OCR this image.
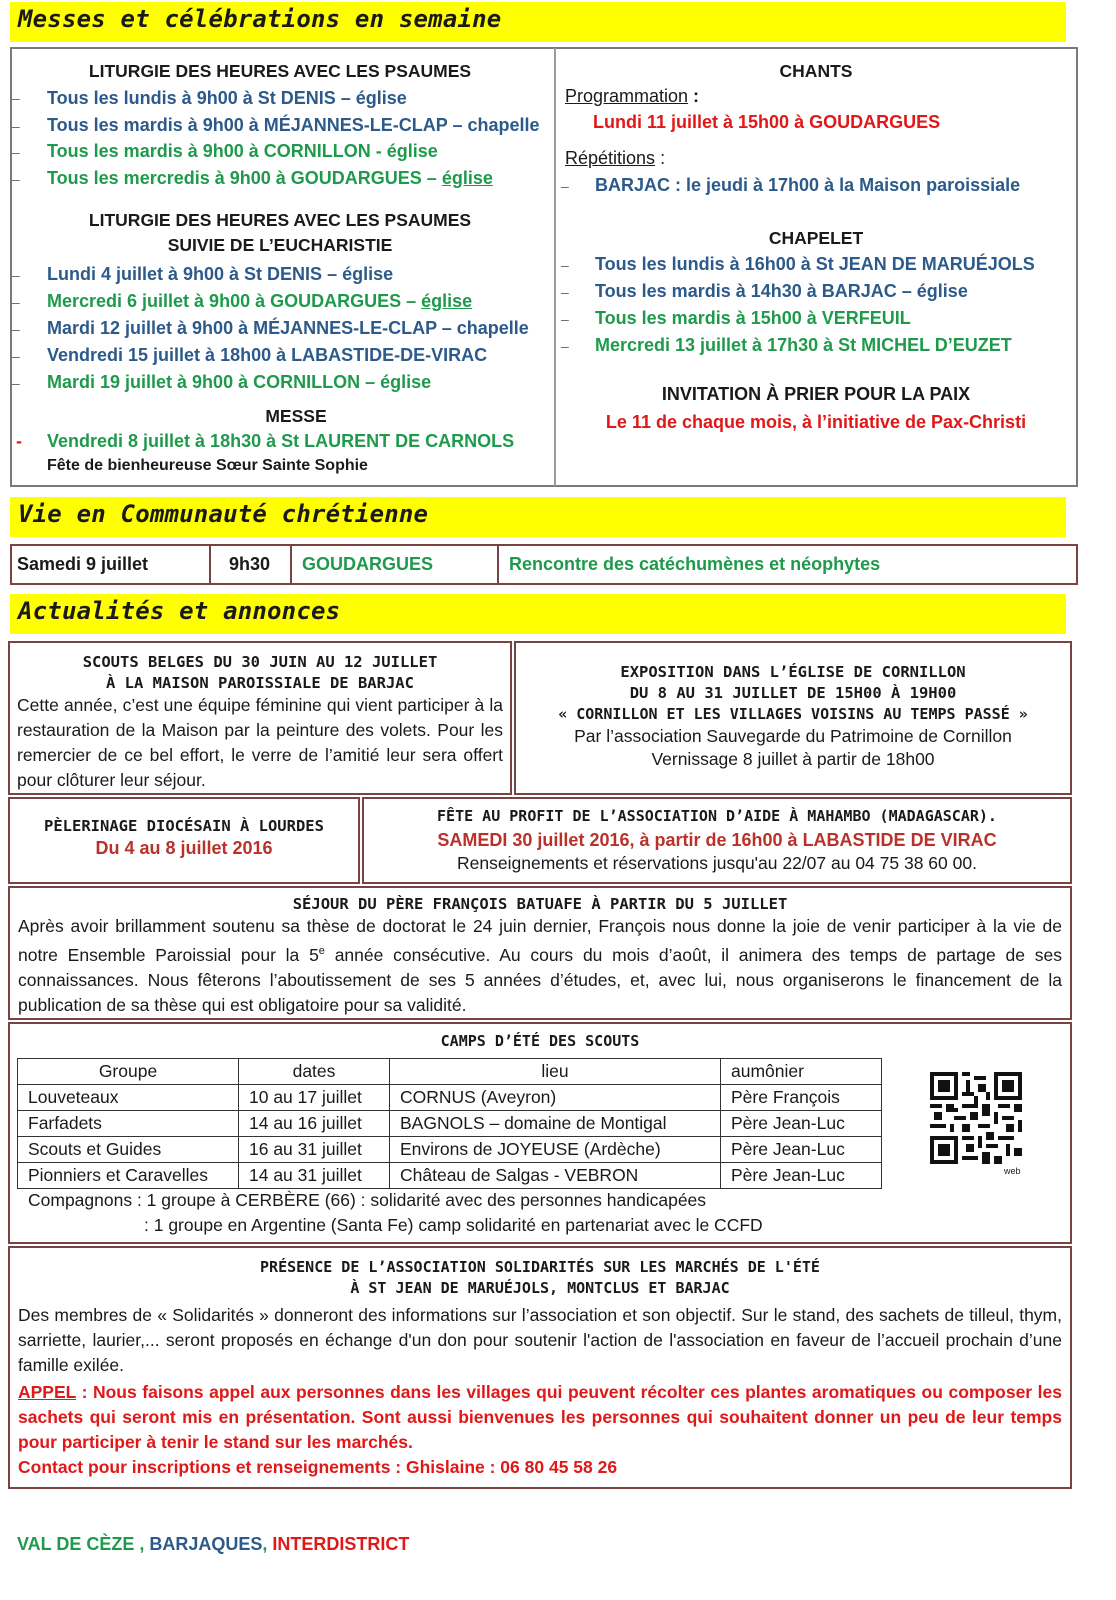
Messes et célébrations en semaine
LITURGIE DES HEURES AVEC LES PSAUMES
– Tous les lundis à 9h00 à St DENIS – église
– Tous les mardis à 9h00 à MÉJANNES-LE-CLAP – chapelle
– Tous les mardis à 9h00 à CORNILLON - église
– Tous les mercredis à 9h00 à GOUDARGUES – église
LITURGIE DES HEURES AVEC LES PSAUMES
SUIVIE DE L’EUCHARISTIE
– Lundi 4 juillet à 9h00 à St DENIS – église
– Mercredi 6 juillet à 9h00 à GOUDARGUES – église
– Mardi 12 juillet à 9h00 à MÉJANNES-LE-CLAP – chapelle
– Vendredi 15 juillet à 18h00 à LABASTIDE-DE-VIRAC
– Mardi 19 juillet à 9h00 à CORNILLON – église
MESSE
- Vendredi 8 juillet à 18h30 à St LAURENT DE CARNOLS
Fête de bienheureuse Sœur Sainte Sophie
CHANTS
Programmation :
Lundi 11 juillet à 15h00 à GOUDARGUES
Répétitions :
– BARJAC : le jeudi à 17h00 à la Maison paroissiale
CHAPELET
– Tous les lundis à 16h00 à St JEAN DE MARUÉJOLS
– Tous les mardis à 14h30 à BARJAC – église
– Tous les mardis à 15h00 à VERFEUIL
– Mercredi 13 juillet à 17h30 à St MICHEL D’EUZET
INVITATION À PRIER POUR LA PAIX
Le 11 de chaque mois, à l’initiative de Pax-Christi
Vie en Communauté chrétienne
Samedi 9 juillet	9h30 GOUDARGUES	Rencontre des catéchumènes et néophytes
Actualités et annonces
SCOUTS BELGES DU 30 JUIN AU 12 JUILLET
À LA MAISON PAROISSIALE DE BARJAC
Cette année, c’est une équipe féminine qui vient participer à la restauration de la Maison par la peinture des volets. Pour les remercier de ce bel effort, le verre de l’amitié leur sera offert pour clôturer leur séjour.
EXPOSITION DANS L’ÉGLISE DE CORNILLON
DU 8 AU 31 JUILLET DE 15H00 À 19H00
« CORNILLON ET LES VILLAGES VOISINS AU TEMPS PASSÉ »
Par l’association Sauvegarde du Patrimoine de Cornillon
Vernissage 8 juillet à partir de 18h00
PÈLERINAGE DIOCÉSAIN À LOURDES
Du 4 au 8 juillet 2016
FÊTE AU PROFIT DE L’ASSOCIATION D’AIDE À MAHAMBO (MADAGASCAR).
SAMEDI 30 juillet 2016, à partir de 16h00 à LABASTIDE DE VIRAC
Renseignements et réservations jusqu'au 22/07 au 04 75 38 60 00.
SÉJOUR DU PÈRE FRANÇOIS BATUAFE À PARTIR DU 5 JUILLET
Après avoir brillamment soutenu sa thèse de doctorat le 24 juin dernier, François nous donne la joie de venir participer à la vie de notre Ensemble Paroissial pour la 5e année consécutive. Au cours du mois d’août, il animera des temps de partage de ses connaissances. Nous fêterons l’aboutissement de ses 5 années d’études, et, avec lui, nous organiserons le financement de la publication de sa thèse qui est obligatoire pour sa validité.
CAMPS D’ÉTÉ DES SCOUTS
Groupe	dates	lieu	aumônier
Louveteaux	10 au 17 juillet	CORNUS (Aveyron)	Père François
Farfadets	14 au 16 juillet	BAGNOLS – domaine de Montigal	Père Jean-Luc
Scouts et Guides	16 au 31 juillet	Environs de JOYEUSE (Ardèche)	Père Jean-Luc
Pionniers et Caravelles	14 au 31 juillet	Château de Salgas - VEBRON	Père Jean-Luc
Compagnons : 1 groupe à CERBÈRE (66) : solidarité avec des personnes handicapées
: 1 groupe en Argentine (Santa Fe) camp solidarité en partenariat avec le CCFD
web
PRÉSENCE DE L’ASSOCIATION SOLIDARITÉS SUR LES MARCHÉS DE L'ÉTÉ
À ST JEAN DE MARUÉJOLS, MONTCLUS ET BARJAC
Des membres de « Solidarités » donneront des informations sur l’association et son objectif. Sur le stand, des sachets de tilleul, thym, sarriette, laurier,... seront proposés en échange d'un don pour soutenir l'action de l'association en faveur de l’accueil prochain d’une famille exilée.
APPEL : Nous faisons appel aux personnes dans les villages qui peuvent récolter ces plantes aromatiques ou composer les sachets qui seront mis en présentation. Sont aussi bienvenues les personnes qui souhaitent donner un peu de leur temps pour participer à tenir le stand sur les marchés.
Contact pour inscriptions et renseignements : Ghislaine : 06 80 45 58 26
VAL DE CÈZE , BARJAQUES, INTERDISTRICT
